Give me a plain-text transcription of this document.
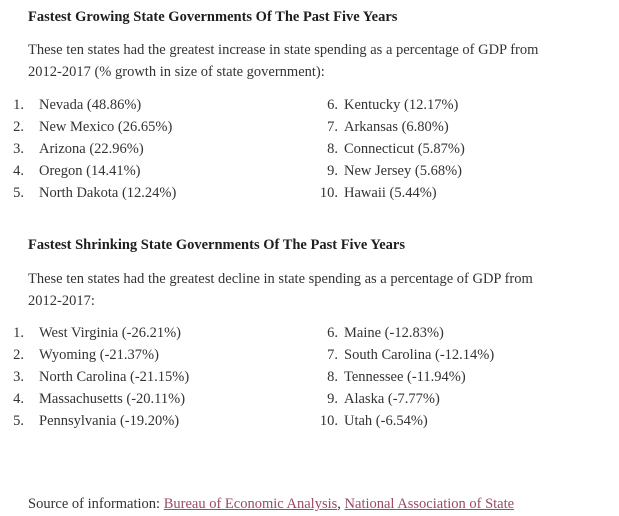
Fastest Growing State Governments Of The Past Five Years

These ten states had the greatest increase in state spending as a percentage of GDP from
2012-2017 (% growth in size of state government):

1. Nevada (48.86%)
2. New Mexico (26.65%)
3. Arizona (22.96%)
4. Oregon (14.41%)
5. North Dakota (12.24%)
6. Kentucky (12.17%)
7. Arkansas (6.80%)
8. Connecticut (5.87%)
9. New Jersey (5.68%)
10. Hawaii (5.44%)
Fastest Shrinking State Governments Of The Past Five Years

These ten states had the greatest decline in state spending as a percentage of GDP from
2012-2017:

1. West Virginia (-26.21%)
2. Wyoming (-21.37%)
3. North Carolina (-21.15%)
4. Massachusetts (-20.11%)
5. Pennsylvania (-19.20%)
6. Maine (-12.83%)
7. South Carolina (-12.14%)
8. Tennessee (-11.94%)
9. Alaska (-7.77%)
10. Utah (-6.54%)
Source of information: Bureau of Economic Analysis, National Association of State
